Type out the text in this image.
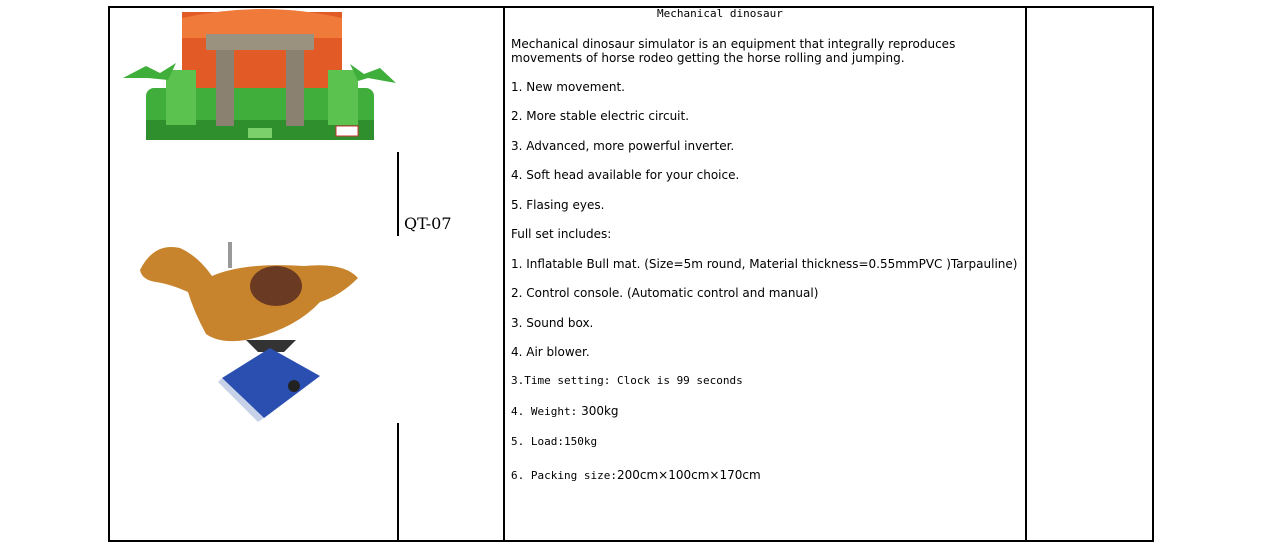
QT-07
Mechanical dinosaur
Mechanical dinosaur simulator is an equipment that integrally reproduces movements of horse rodeo getting the horse rolling and jumping.
1. New movement.
2. More stable electric circuit.
3. Advanced, more powerful inverter.
4. Soft head available for your choice.
5. Flasing eyes.
Full set includes:
1. Inflatable Bull mat. (Size=5m round, Material thickness=0.55mmPVC )Tarpauline)
2. Control console. (Automatic control and manual)
3. Sound box.
4. Air blower.
3.Time setting: Clock is 99 seconds
4. Weight: 300kg
5. Load:150kg
6. Packing size:200cm×100cm×170cm
